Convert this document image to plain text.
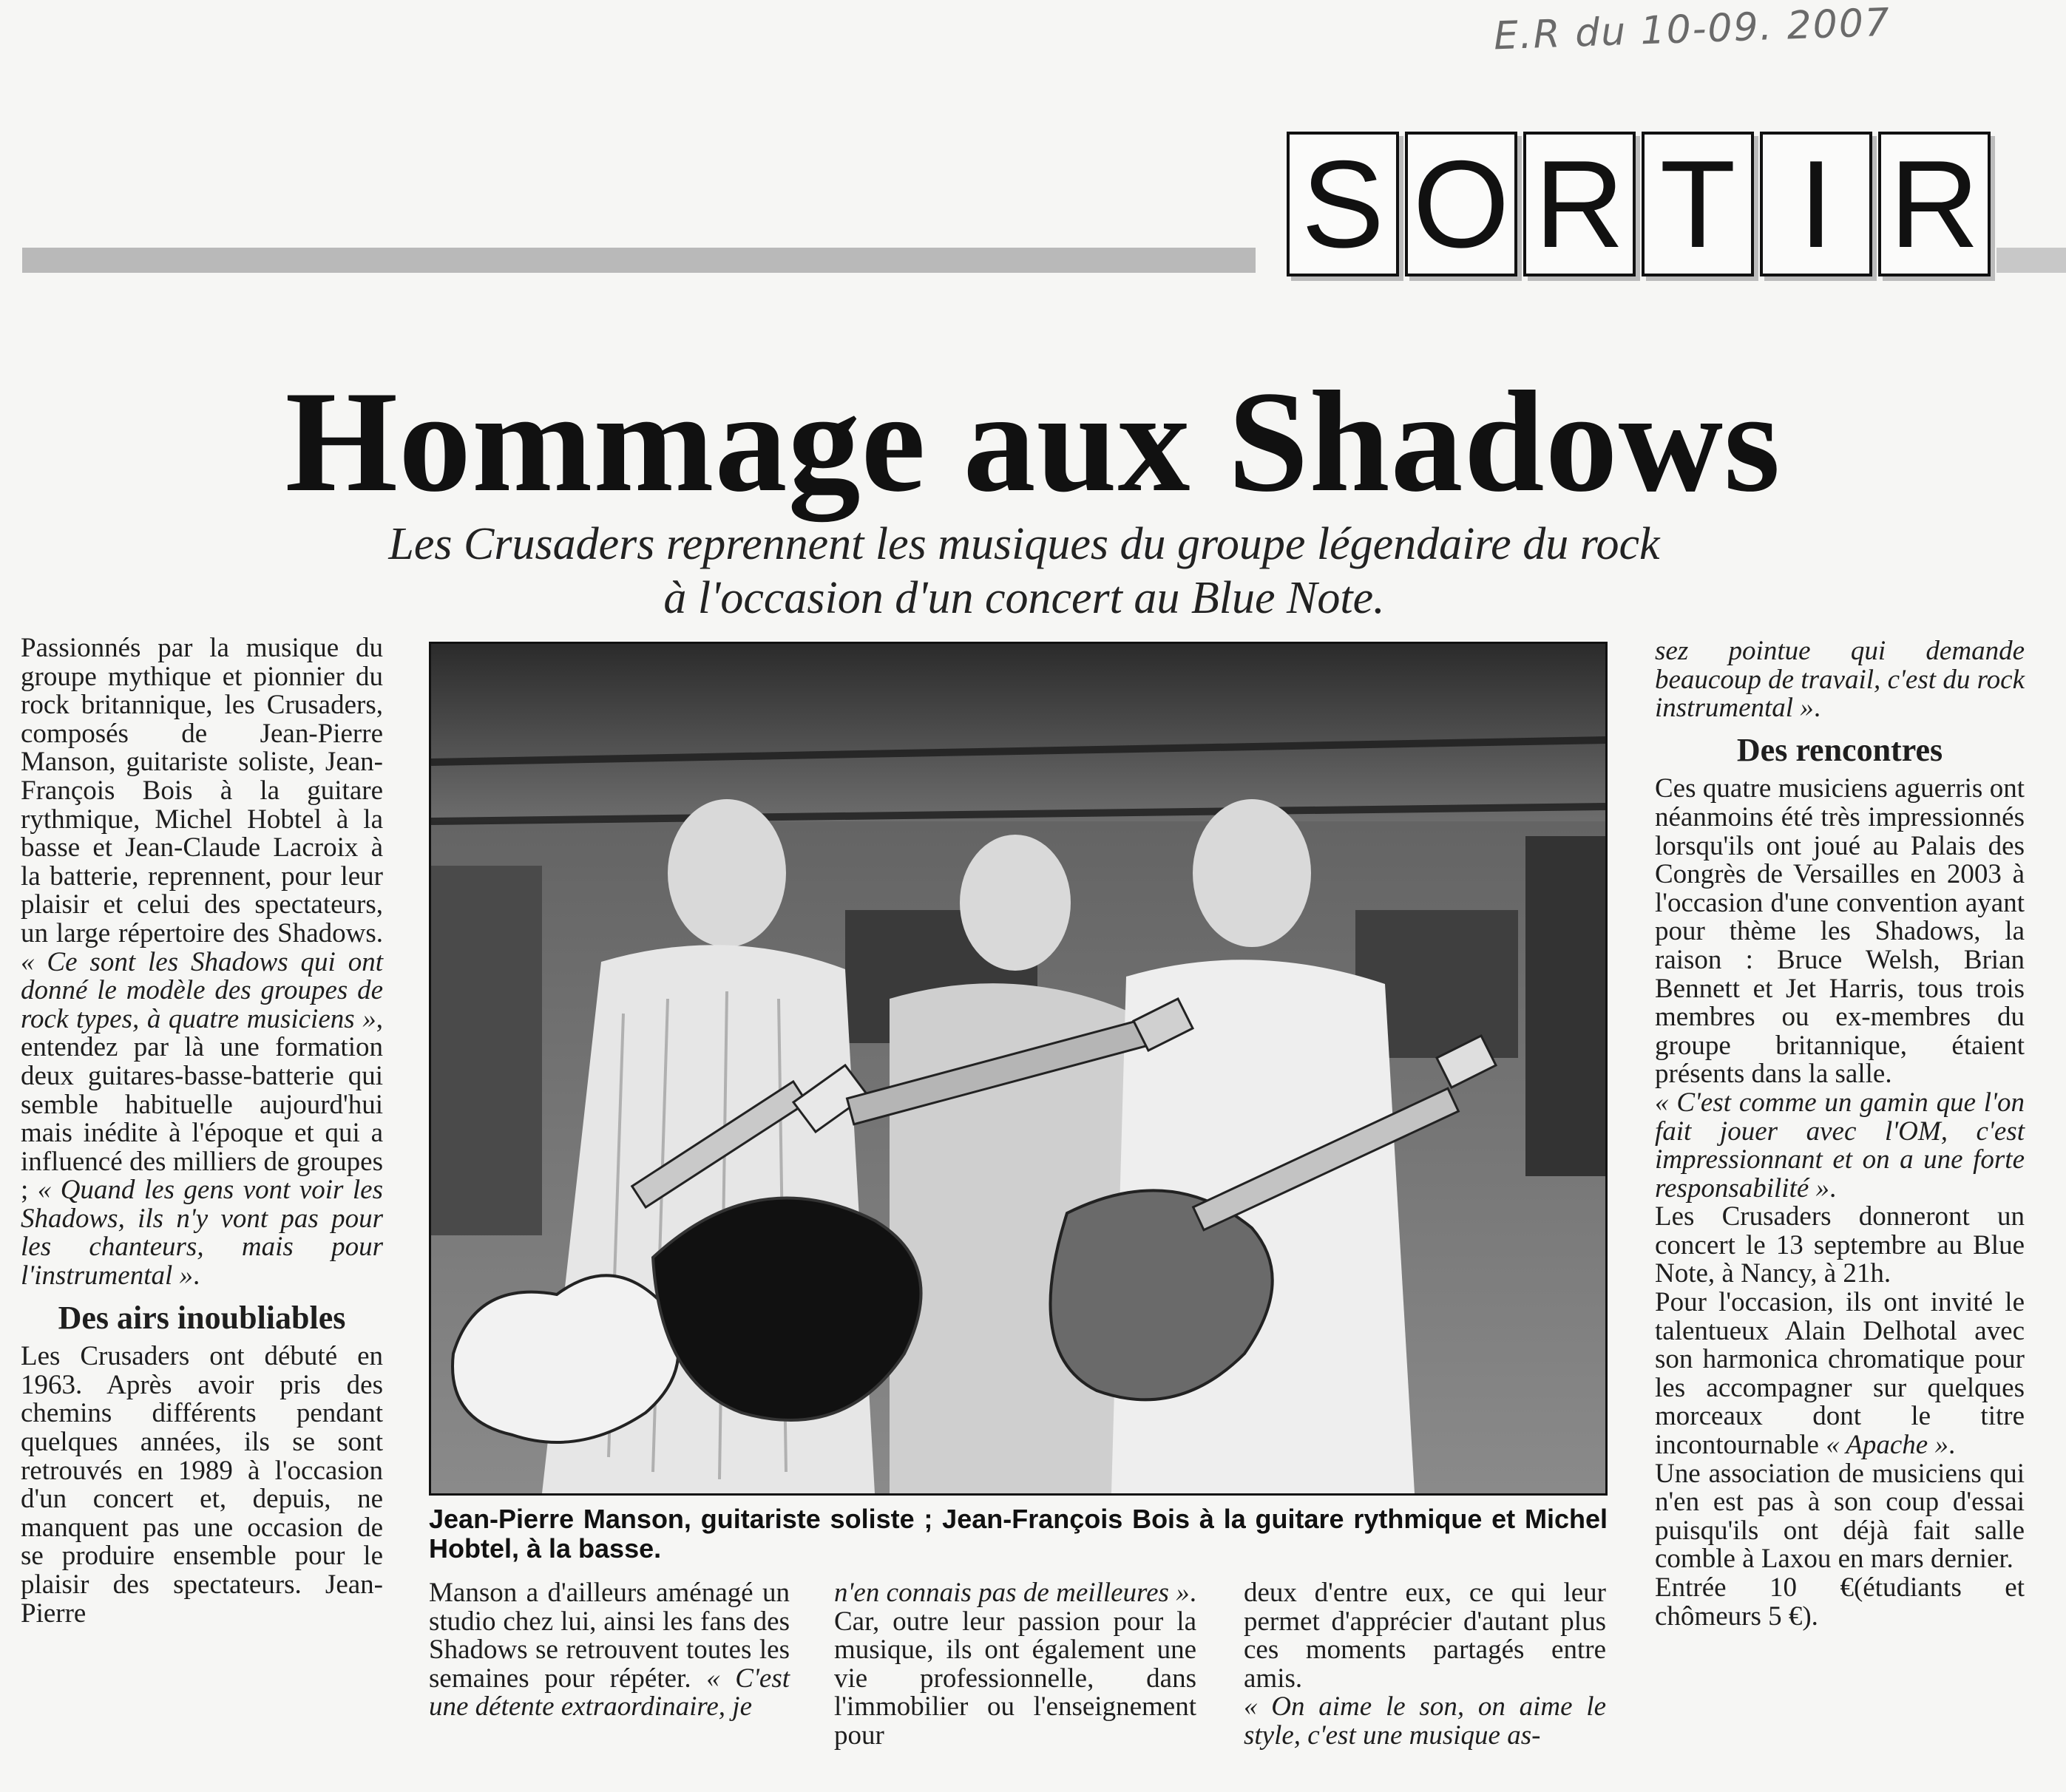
E.R du 10-09. 2007
S O R T I R
Hommage aux Shadows
Les Crusaders reprennent les musiques du groupe légendaire du rock
à l'occasion d'un concert au Blue Note.

Passionnés par la musique du groupe mythique et pionnier du rock britannique, les Crusaders, composés de Jean-Pierre Manson, guitariste soliste, Jean-François Bois à la guitare rythmique, Michel Hobtel à la basse et Jean-Claude Lacroix à la batterie, reprennent, pour leur plaisir et celui des spectateurs, un large répertoire des Shadows. « Ce sont les Shadows qui ont donné le modèle des groupes de rock types, à quatre musiciens », entendez par là une formation deux guitares-basse-batterie qui semble habituelle aujourd'hui mais inédite à l'époque et qui a influencé des milliers de groupes ; « Quand les gens vont voir les Shadows, ils n'y vont pas pour les chanteurs, mais pour l'instrumental ».

Des airs inoubliables

Les Crusaders ont débuté en 1963. Après avoir pris des chemins différents pendant quelques années, ils se sont retrouvés en 1989 à l'occasion d'un concert et, depuis, ne manquent pas une occasion de se produire ensemble pour le plaisir des spectateurs. Jean-Pierre

Jean-Pierre Manson, guitariste soliste ; Jean-François Bois à la guitare rythmique et Michel Hobtel, à la basse.

Manson a d'ailleurs aménagé un studio chez lui, ainsi les fans des Shadows se retrouvent toutes les semaines pour répéter. « C'est une détente extraordinaire, je

n'en connais pas de meilleures ». Car, outre leur passion pour la musique, ils ont également une vie professionnelle, dans l'immobilier ou l'enseignement pour

deux d'entre eux, ce qui leur permet d'apprécier d'autant plus ces moments partagés entre amis.

« On aime le son, on aime le style, c'est une musique as-

sez pointue qui demande beaucoup de travail, c'est du rock instrumental ».

Des rencontres

Ces quatre musiciens aguerris ont néanmoins été très impressionnés lorsqu'ils ont joué au Palais des Congrès de Versailles en 2003 à l'occasion d'une convention ayant pour thème les Shadows, la raison : Bruce Welsh, Brian Bennett et Jet Harris, tous trois membres ou ex-membres du groupe britannique, étaient présents dans la salle.

« C'est comme un gamin que l'on fait jouer avec l'OM, c'est impressionnant et on a une forte responsabilité ».

Les Crusaders donneront un concert le 13 septembre au Blue Note, à Nancy, à 21h.

Pour l'occasion, ils ont invité le talentueux Alain Delhotal avec son harmonica chromatique pour les accompagner sur quelques morceaux dont le titre incontournable « Apache ».

Une association de musiciens qui n'en est pas à son coup d'essai puisqu'ils ont déjà fait salle comble à Laxou en mars dernier.

Entrée 10 €(étudiants et chômeurs 5 €).
